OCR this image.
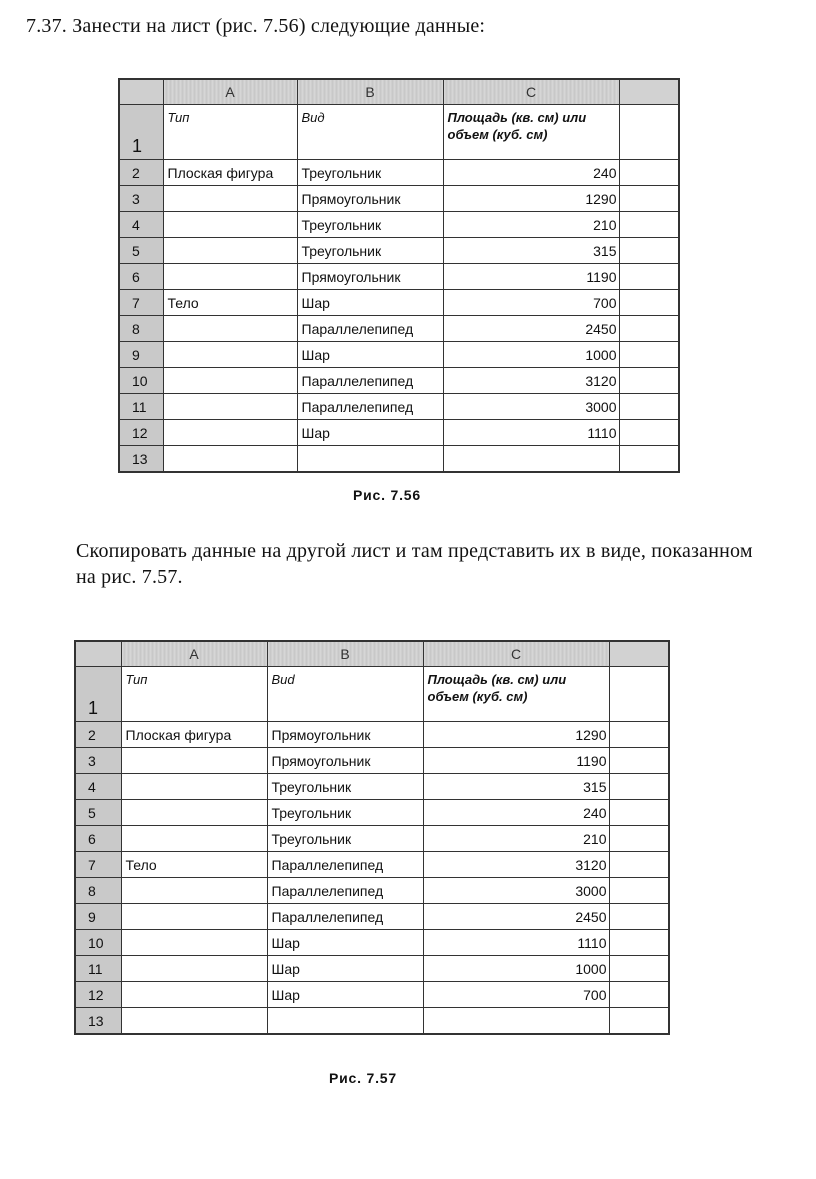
7.37. Занести на лист (рис. 7.56) следующие данные:
	A	B	C	
1	Тип	Вид	Площадь (кв. см) или объем (куб. см)	
2	Плоская фигура	Треугольник	240	
3		Прямоугольник	1290	
4		Треугольник	210	
5		Треугольник	315	
6		Прямоугольник	1190	
7	Тело	Шар	700	
8		Параллелепипед	2450	
9		Шар	1000	
10		Параллелепипед	3120	
11		Параллелепипед	3000	
12		Шар	1110	
13				
Рис. 7.56
Скопировать данные на другой лист и там представить их в виде, показанном на рис. 7.57.
	A	B	C	
1	Тип	Bud	Площадь (кв. см) или объем (куб. см)	
2	Плоская фигура	Прямоугольник	1290	
3		Прямоугольник	1190	
4		Треугольник	315	
5		Треугольник	240	
6		Треугольник	210	
7	Тело	Параллелепипед	3120	
8		Параллелепипед	3000	
9		Параллелепипед	2450	
10		Шар	1110	
11		Шар	1000	
12		Шар	700	
13				
Рис. 7.57
